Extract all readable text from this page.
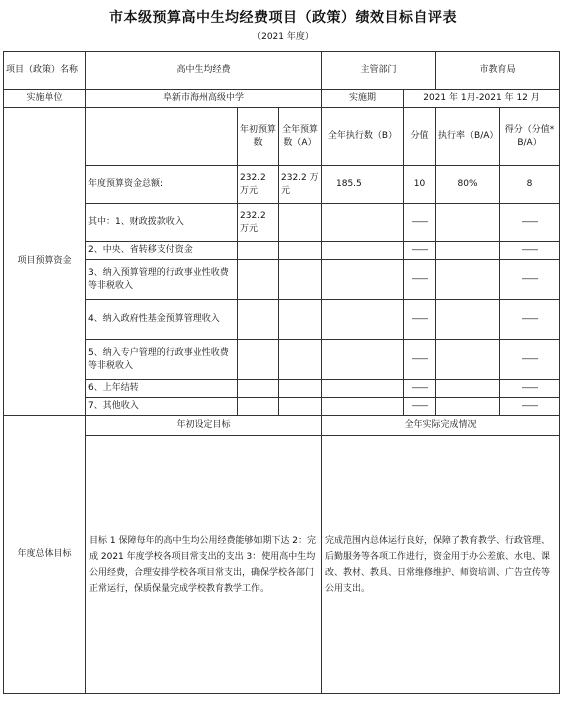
市本级预算高中生均经费项目（政策）绩效目标自评表
（2021 年度）
项目（政策）名称	高中生均经费			主管部门		市教育局	
实施单位	阜新市海州高级中学			实施期	2021 年 1月-2021 年 12 月		
项目预算资金		年初预算数	全年预算数（A）	全年执行数（B）	分值	执行率（B/A）	得分（分值*B/A）
	年度预算资金总额:	232.2 万元	232.2 万元	185.5	10	80%	8
	其中：1、财政拨款收入	232.2 万元			——		——
	2、中央、省转移支付资金				——		——
	3、纳入预算管理的行政事业性收费等非税收入				——		——
	4、纳入政府性基金预算管理收入				——		——
	5、纳入专户管理的行政事业性收费等非税收入				——		——
	6、上年结转				——		——
	7、其他收入				——		——
年度总体目标	年初设定目标			全年实际完成情况			
	目标 1 保障每年的高中生均公用经费能够如期下达 2：完成 2021 年度学校各项目常支出的支出 3：使用高中生均公用经费，合理安排学校各项目常支出，确保学校各部门正常运行，保质保量完成学校教育教学工作。			完成范围内总体运行良好，保障了教育教学、行政管理、后勤服务等各项工作进行，资金用于办公差旅、水电、课改、教材、教具、日常维修维护、师资培训、广告宣传等公用支出。			
